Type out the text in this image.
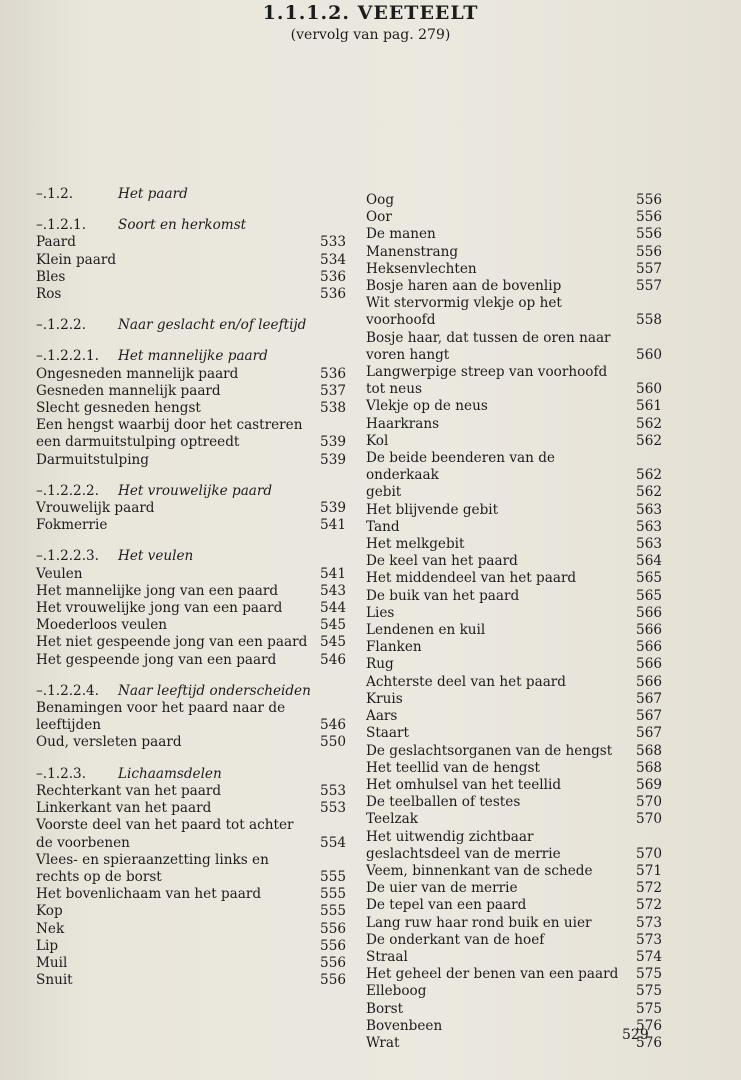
1.1.1.2. VEETEELT
(vervolg van pag. 279)
–.1.2.	Het paard
–.1.2.1. Soort en herkomst
Paard	533
Klein paard	534
Bles	536
Ros	536
–.1.2.2. Naar geslacht en/of leeftijd
–.1.2.2.1. Het mannelijke paard
Ongesneden mannelijk paard	536
Gesneden mannelijk paard	537
Slecht gesneden hengst	538
Een hengst waarbij door het castreren een darmuitstulping optreedt	539
Darmuitstulping	539
–.1.2.2.2. Het vrouwelijke paard
Vrouwelijk paard	539
Fokmerrie	541
–.1.2.2.3. Het veulen
Veulen	541
Het mannelijke jong van een paard	543
Het vrouwelijke jong van een paard	544
Moederloos veulen	545
Het niet gespeende jong van een paard 545
Het gespeende jong van een paard	546
–.1.2.2.4. Naar leeftijd onderscheiden
Benamingen voor het paard naar de leeftijden	546
Oud, versleten paard	550
–.1.2.3. Lichaamsdelen
Rechterkant van het paard	553
Linkerkant van het paard	553
Voorste deel van het paard tot achter de voorbenen	554
Vlees- en spieraanzetting links en rechts op de borst	555
Het bovenlichaam van het paard	555
Kop	555
Nek	556
Lip	556
Muil	556
Snuit	556
Oog	556
Oor	556
De manen	556
Manenstrang	556
Heksenvlechten	557
Bosje haren aan de bovenlip	557
Wit stervormig vlekje op het voorhoofd	558
Bosje haar, dat tussen de oren naar voren hangt	560
Langwerpige streep van voorhoofd tot neus	560
Vlekje op de neus	561
Haarkrans	562
Kol	562
De beide beenderen van de onderkaak	562
gebit	562
Het blijvende gebit	563
Tand	563
Het melkgebit	563
De keel van het paard	564
Het middendeel van het paard	565
De buik van het paard	565
Lies	566
Lendenen en kuil	566
Flanken	566
Rug	566
Achterste deel van het paard	566
Kruis	567
Aars	567
Staart	567
De geslachtsorganen van de hengst	568
Het teellid van de hengst	568
Het omhulsel van het teellid	569
De teelballen of testes	570
Teelzak	570
Het uitwendig zichtbaar geslachtsdeel van de merrie	570
Veem, binnenkant van de schede	571
De uier van de merrie	572
De tepel van een paard	572
Lang ruw haar rond buik en uier	573
De onderkant van de hoef	573
Straal	574
Het geheel der benen van een paard	575
Elleboog	575
Borst	575
Bovenbeen	576
Wrat	576
529
